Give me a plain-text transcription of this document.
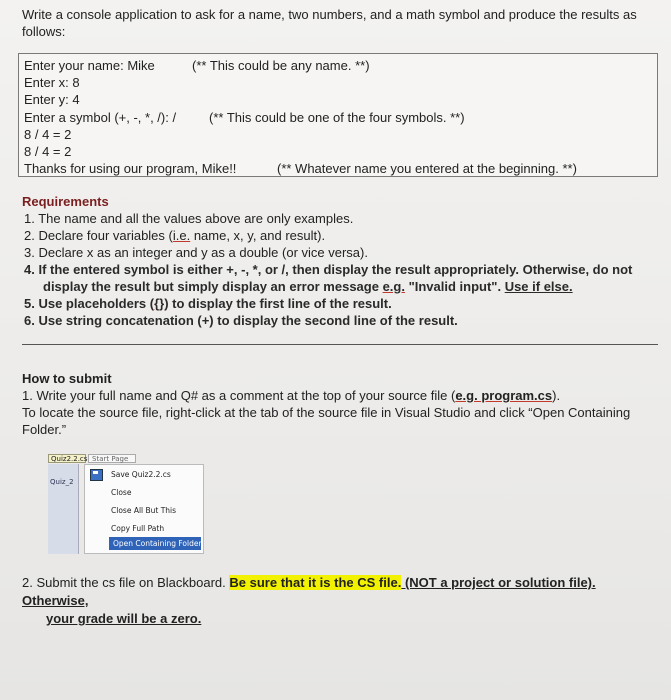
Write a console application to ask for a name, two numbers, and a math symbol and produce the results as
follows:
Enter your name: Mike	(** This could be any name. **)
Enter x: 8
Enter y: 4
Enter a symbol (+, -, *, /): /	(** This could be one of the four symbols. **)
8 / 4 = 2
8 / 4 = 2
Thanks for using our program, Mike!!	(** Whatever name you entered at the beginning. **)
Requirements
1. The name and all the values above are only examples.
2. Declare four variables (i.e. name, x, y, and result).
3. Declare x as an integer and y as a double (or vice versa).
4. If the entered symbol is either +, -, *, or /, then display the result appropriately. Otherwise, do not
display the result but simply display an error message e.g. "Invalid input". Use if else.
5. Use placeholders ({}) to display the first line of the result.
6. Use string concatenation (+) to display the second line of the result.
How to submit
1. Write your full name and Q# as a comment at the top of your source file (e.g. program.cs).
To locate the source file, right-click at the tab of the source file in Visual Studio and click “Open Containing
Folder.”
Quiz2.2.cs Start Page
Quiz_2
Save Quiz2.2.cs
Close
Close All But This
Copy Full Path
Open Containing Folder
2. Submit the cs file on Blackboard. Be sure that it is the CS file. (NOT a project or solution file). Otherwise,
your grade will be a zero.
